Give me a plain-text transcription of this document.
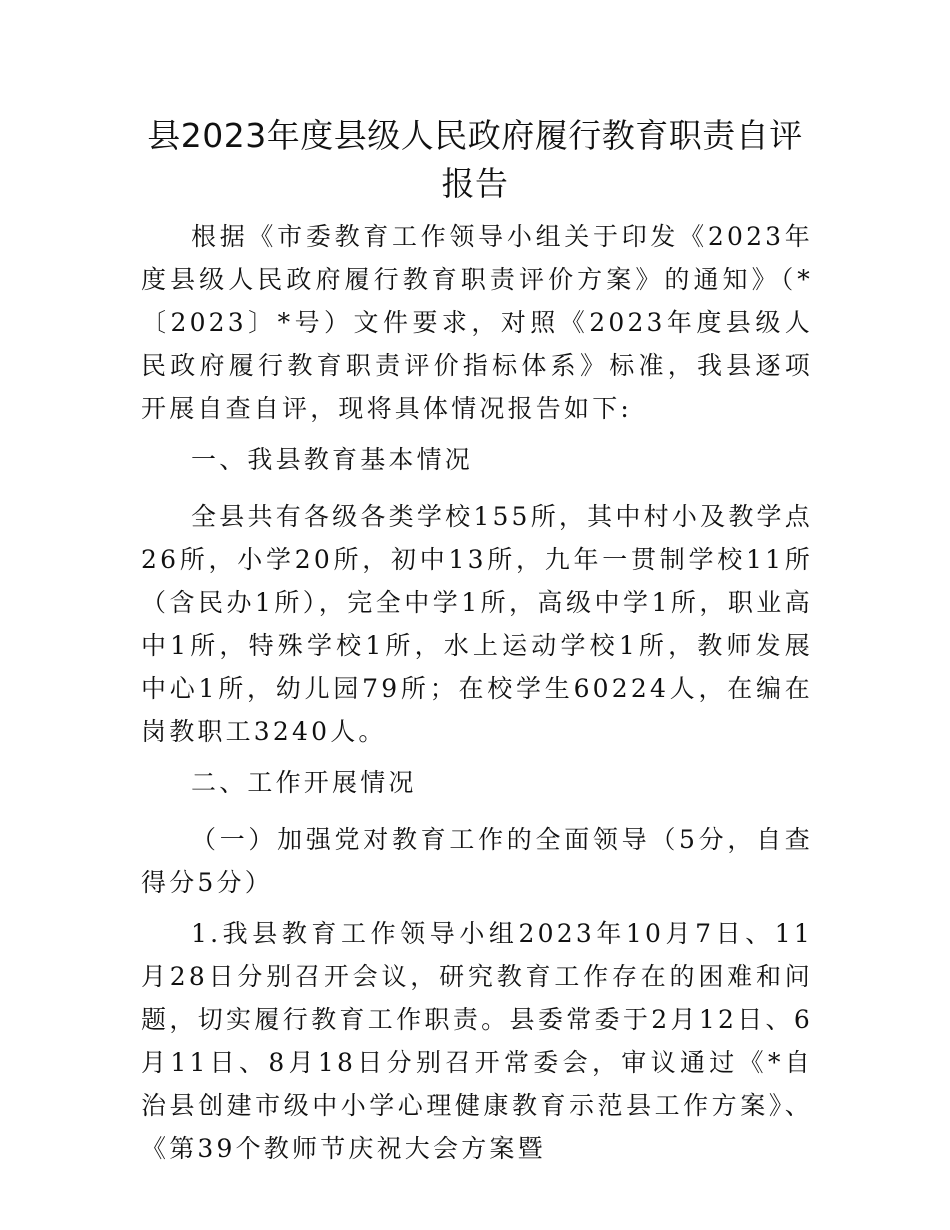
县2023年度县级人民政府履行教育职责自评报告

根据《市委教育工作领导小组关于印发《2023年度县级人民政府履行教育职责评价方案》的通知》（*〔2023〕*号）文件要求，对照《2023年度县级人民政府履行教育职责评价指标体系》标准，我县逐项开展自查自评，现将具体情况报告如下:

一、我县教育基本情况

全县共有各级各类学校155所，其中村小及教学点26所，小学20所，初中13所，九年一贯制学校11所（含民办1所），完全中学1所，高级中学1所，职业高中1所，特殊学校1所，水上运动学校1所，教师发展中心1所，幼儿园79所；在校学生60224人，在编在岗教职工3240人。

二、工作开展情况

（一）加强党对教育工作的全面领导（5分，自查得分5分）

1.我县教育工作领导小组2023年10月7日、11月28日分别召开会议，研究教育工作存在的困难和问题，切实履行教育工作职责。县委常委于2月12日、6月11日、8月18日分别召开常委会，审议通过《*自治县创建市级中小学心理健康教育示范县工作方案》、《第39个教师节庆祝大会方案暨
